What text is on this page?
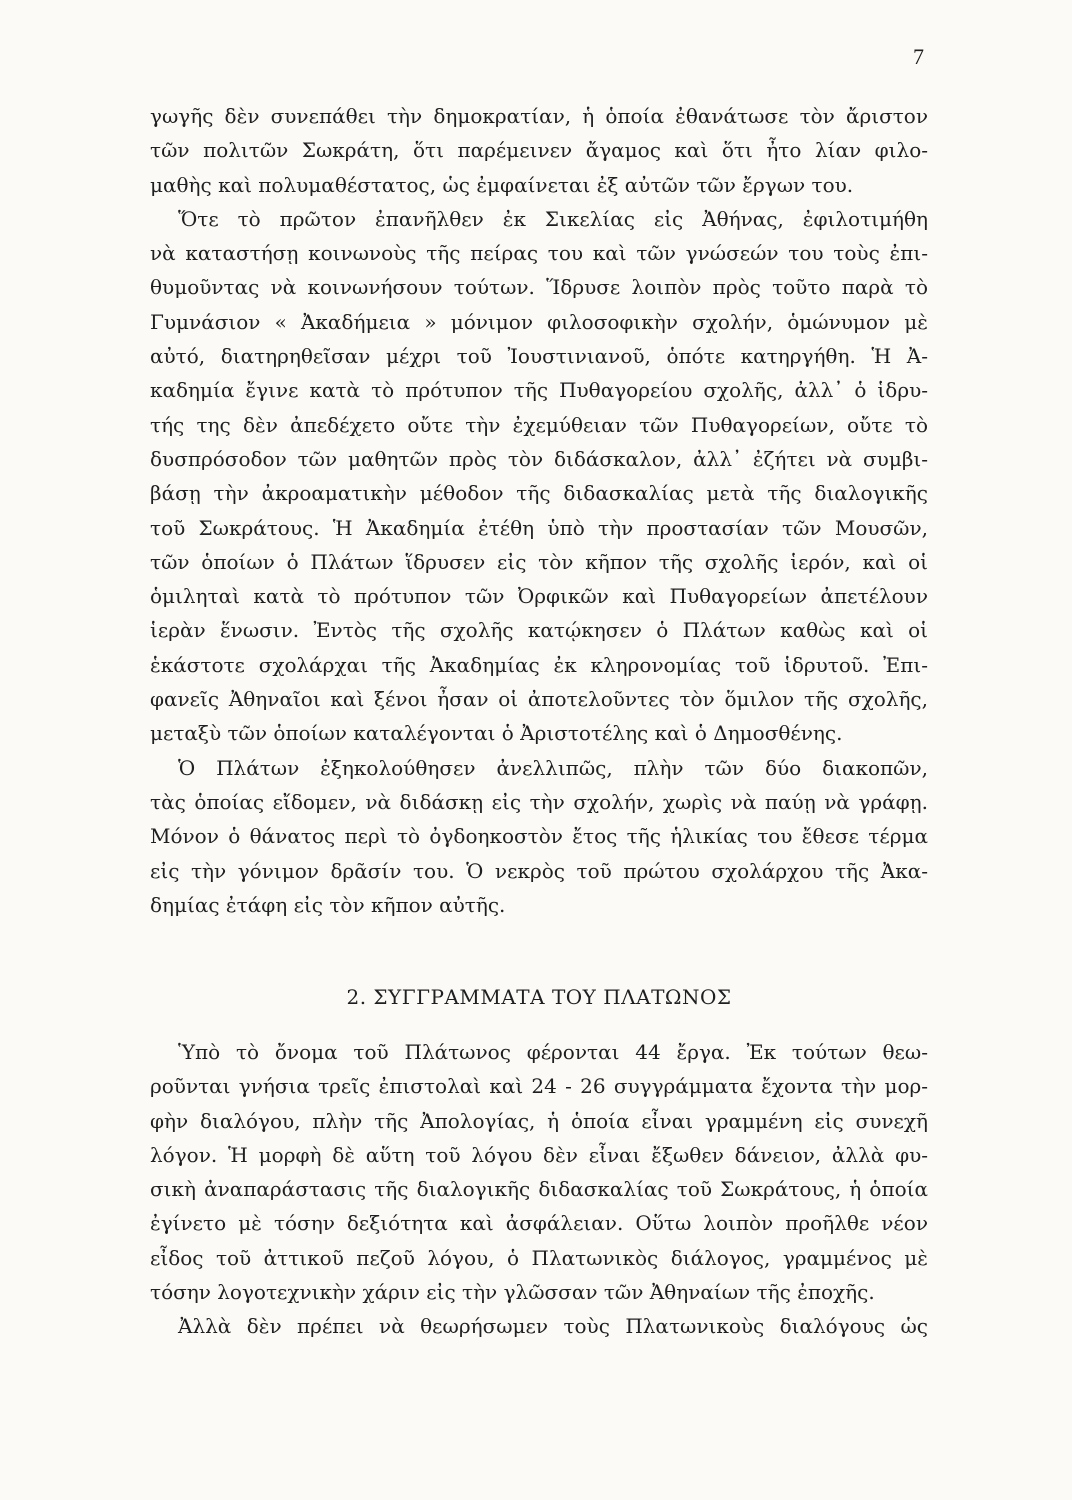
7
γωγῆς δὲν συνεπάθει τὴν δημοκρατίαν, ἡ ὁποία ἐθανάτωσε τὸν ἄριστον
τῶν πολιτῶν Σωκράτη, ὅτι παρέμεινεν ἄγαμος καὶ ὅτι ἦτο λίαν φιλο-
μαθὴς καὶ πολυμαθέστατος, ὡς ἐμφαίνεται ἐξ αὐτῶν τῶν ἔργων του.
Ὅτε τὸ πρῶτον ἐπανῆλθεν ἐκ Σικελίας εἰς Ἀθήνας, ἐφιλοτιμήθη
νὰ καταστήσῃ κοινωνοὺς τῆς πείρας του καὶ τῶν γνώσεών του τοὺς ἐπι-
θυμοῦντας νὰ κοινωνήσουν τούτων. Ἵδρυσε λοιπὸν πρὸς τοῦτο παρὰ τὸ
Γυμνάσιον « Ἀκαδήμεια » μόνιμον φιλοσοφικὴν σχολήν, ὁμώνυμον μὲ
αὐτό, διατηρηθεῖσαν μέχρι τοῦ Ἰουστινιανοῦ, ὁπότε κατηργήθη. Ἡ Ἀ-
καδημία ἔγινε κατὰ τὸ πρότυπον τῆς Πυθαγορείου σχολῆς, ἀλλ᾽ ὁ ἱδρυ-
τής της δὲν ἀπεδέχετο οὔτε τὴν ἐχεμύθειαν τῶν Πυθαγορείων, οὔτε τὸ
δυσπρόσοδον τῶν μαθητῶν πρὸς τὸν διδάσκαλον, ἀλλ᾽ ἐζήτει νὰ συμβι-
βάσῃ τὴν ἀκροαματικὴν μέθοδον τῆς διδασκαλίας μετὰ τῆς διαλογικῆς
τοῦ Σωκράτους. Ἡ Ἀκαδημία ἐτέθη ὑπὸ τὴν προστασίαν τῶν Μουσῶν,
τῶν ὁποίων ὁ Πλάτων ἵδρυσεν εἰς τὸν κῆπον τῆς σχολῆς ἱερόν, καὶ οἱ
ὁμιληταὶ κατὰ τὸ πρότυπον τῶν Ὀρφικῶν καὶ Πυθαγορείων ἀπετέλουν
ἱερὰν ἕνωσιν. Ἐντὸς τῆς σχολῆς κατῴκησεν ὁ Πλάτων καθὼς καὶ οἱ
ἑκάστοτε σχολάρχαι τῆς Ἀκαδημίας ἐκ κληρονομίας τοῦ ἱδρυτοῦ. Ἐπι-
φανεῖς Ἀθηναῖοι καὶ ξένοι ἦσαν οἱ ἀποτελοῦντες τὸν ὅμιλον τῆς σχολῆς,
μεταξὺ τῶν ὁποίων καταλέγονται ὁ Ἀριστοτέλης καὶ ὁ Δημοσθένης.
Ὁ Πλάτων ἐξηκολούθησεν ἀνελλιπῶς, πλὴν τῶν δύο διακοπῶν,
τὰς ὁποίας εἴδομεν, νὰ διδάσκῃ εἰς τὴν σχολήν, χωρὶς νὰ παύῃ νὰ γράφῃ.
Μόνον ὁ θάνατος περὶ τὸ ὀγδοηκοστὸν ἔτος τῆς ἡλικίας του ἔθεσε τέρμα
εἰς τὴν γόνιμον δρᾶσίν του. Ὁ νεκρὸς τοῦ πρώτου σχολάρχου τῆς Ἀκα-
δημίας ἐτάφη εἰς τὸν κῆπον αὐτῆς.
2. ΣΥΓΓΡΑΜΜΑΤΑ ΤΟΥ ΠΛΑΤΩΝΟΣ
Ὑπὸ τὸ ὄνομα τοῦ Πλάτωνος φέρονται 44 ἔργα. Ἐκ τούτων θεω-
ροῦνται γνήσια τρεῖς ἐπιστολαὶ καὶ 24 - 26 συγγράμματα ἔχοντα τὴν μορ-
φὴν διαλόγου, πλὴν τῆς Ἀπολογίας, ἡ ὁποία εἶναι γραμμένη εἰς συνεχῆ
λόγον. Ἡ μορφὴ δὲ αὕτη τοῦ λόγου δὲν εἶναι ἔξωθεν δάνειον, ἀλλὰ φυ-
σικὴ ἀναπαράστασις τῆς διαλογικῆς διδασκαλίας τοῦ Σωκράτους, ἡ ὁποία
ἐγίνετο μὲ τόσην δεξιότητα καὶ ἀσφάλειαν. Οὕτω λοιπὸν προῆλθε νέον
εἶδος τοῦ ἀττικοῦ πεζοῦ λόγου, ὁ Πλατωνικὸς διάλογος, γραμμένος μὲ
τόσην λογοτεχνικὴν χάριν εἰς τὴν γλῶσσαν τῶν Ἀθηναίων τῆς ἐποχῆς.
Ἀλλὰ δὲν πρέπει νὰ θεωρήσωμεν τοὺς Πλατωνικοὺς διαλόγους ὡς
